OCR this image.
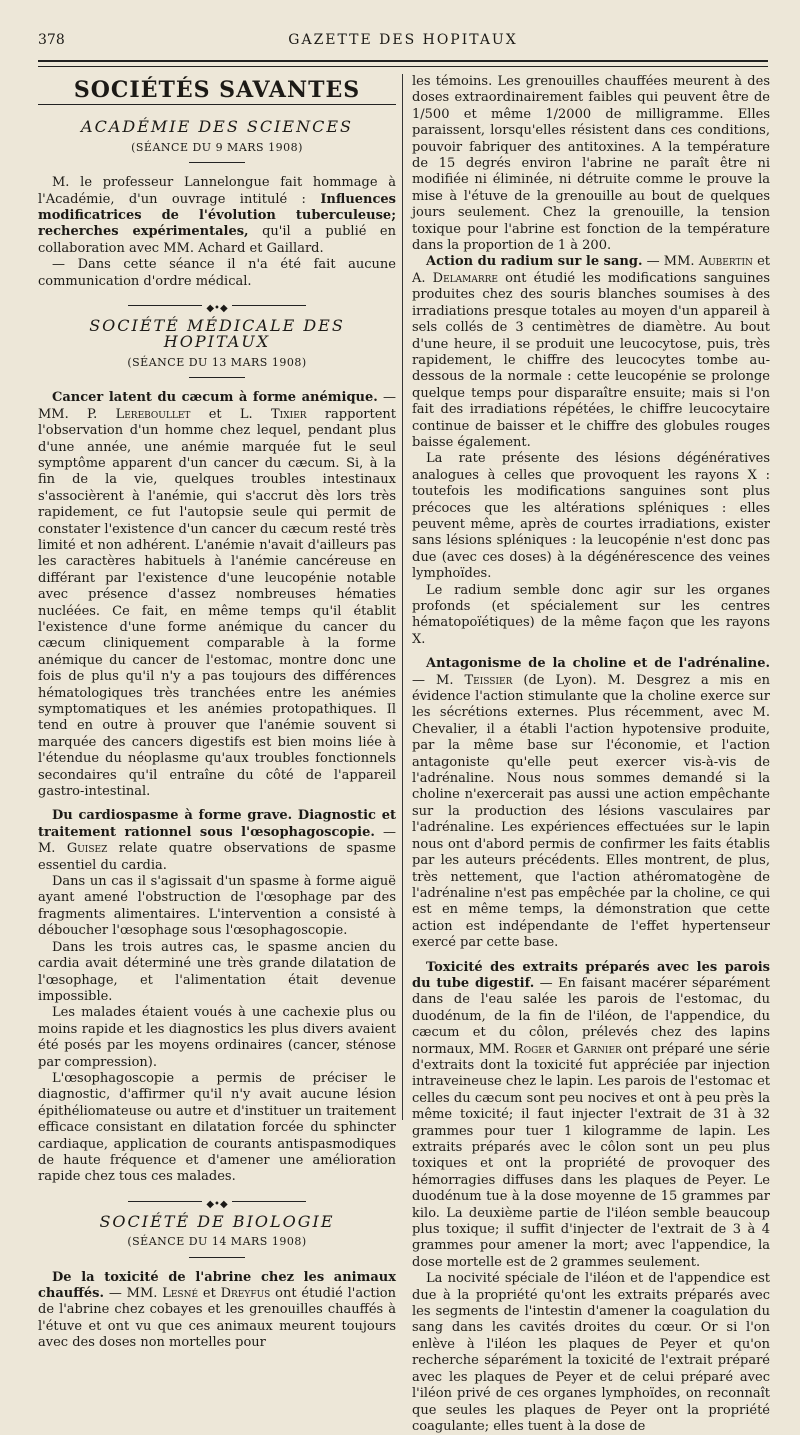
378	GAZETTE DES HOPITAUX
SOCIÉTÉS SAVANTES
ACADÉMIE DES SCIENCES
(SÉANCE DU 9 MARS 1908)

M. le professeur Lannelongue fait hommage à l'Académie, d'un ouvrage intitulé : Influences modificatrices de l'évolution tuberculeuse; recherches expérimentales, qu'il a publié en collaboration avec MM. Achard et Gaillard.

— Dans cette séance il n'a été fait aucune communication d'ordre médical.

◆•◆
SOCIÉTÉ MÉDICALE DES HOPITAUX
(SÉANCE DU 13 MARS 1908)

Cancer latent du cæcum à forme anémique. — MM. P. Lereboullet et L. Tixier rapportent l'observation d'un homme chez lequel, pendant plus d'une année, une anémie marquée fut le seul symptôme apparent d'un cancer du cæcum. Si, à la fin de la vie, quelques troubles intestinaux s'associèrent à l'anémie, qui s'accrut dès lors très rapidement, ce fut l'autopsie seule qui permit de constater l'existence d'un cancer du cæcum resté très limité et non adhérent. L'anémie n'avait d'ailleurs pas les caractères habituels à l'anémie cancéreuse en différant par l'existence d'une leucopénie notable avec présence d'assez nombreuses hématies nucléées. Ce fait, en même temps qu'il établit l'existence d'une forme anémique du cancer du cæcum cliniquement comparable à la forme anémique du cancer de l'estomac, montre donc une fois de plus qu'il n'y a pas toujours des différences hématologiques très tranchées entre les anémies symptomatiques et les anémies protopathiques. Il tend en outre à prouver que l'anémie souvent si marquée des cancers digestifs est bien moins liée à l'étendue du néoplasme qu'aux troubles fonctionnels secondaires qu'il entraîne du côté de l'appareil gastro-intestinal.

Du cardiospasme à forme grave. Diagnostic et traitement rationnel sous l'œsophagoscopie. — M. Guisez relate quatre observations de spasme essentiel du cardia.

Dans un cas il s'agissait d'un spasme à forme aiguë ayant amené l'obstruction de l'œsophage par des fragments alimentaires. L'intervention a consisté à déboucher l'œsophage sous l'œsophagoscopie.

Dans les trois autres cas, le spasme ancien du cardia avait déterminé une très grande dilatation de l'œsophage, et l'alimentation était devenue impossible.

Les malades étaient voués à une cachexie plus ou moins rapide et les diagnostics les plus divers avaient été posés par les moyens ordinaires (cancer, sténose par compression).

L'œsophagoscopie a permis de préciser le diagnostic, d'affirmer qu'il n'y avait aucune lésion épithéliomateuse ou autre et d'instituer un traitement efficace consistant en dilatation forcée du sphincter cardiaque, application de courants antispasmodiques de haute fréquence et d'amener une amélioration rapide chez tous ces malades.

◆•◆
SOCIÉTÉ DE BIOLOGIE
(SÉANCE DU 14 MARS 1908)

De la toxicité de l'abrine chez les animaux chauffés. — MM. Lesné et Dreyfus ont étudié l'action de l'abrine chez cobayes et les grenouilles chauffés à l'étuve et ont vu que ces animaux meurent toujours avec des doses non mortelles pour

les témoins. Les grenouilles chauffées meurent à des doses extraordinairement faibles qui peuvent être de 1/500 et même 1/2000 de milligramme. Elles paraissent, lorsqu'elles résistent dans ces conditions, pouvoir fabriquer des antitoxines. A la température de 15 degrés environ l'abrine ne paraît être ni modifiée ni éliminée, ni détruite comme le prouve la mise à l'étuve de la grenouille au bout de quelques jours seulement. Chez la grenouille, la tension toxique pour l'abrine est fonction de la température dans la proportion de 1 à 200.

Action du radium sur le sang. — MM. Aubertin et A. Delamarre ont étudié les modifications sanguines produites chez des souris blanches soumises à des irradiations presque totales au moyen d'un appareil à sels collés de 3 centimètres de diamètre. Au bout d'une heure, il se produit une leucocytose, puis, très rapidement, le chiffre des leucocytes tombe au-dessous de la normale : cette leucopénie se prolonge quelque temps pour disparaître ensuite; mais si l'on fait des irradiations répétées, le chiffre leucocytaire continue de baisser et le chiffre des globules rouges baisse également.

La rate présente des lésions dégénératives analogues à celles que provoquent les rayons X : toutefois les modifications sanguines sont plus précoces que les altérations spléniques : elles peuvent même, après de courtes irradiations, exister sans lésions spléniques : la leucopénie n'est donc pas due (avec ces doses) à la dégénérescence des veines lymphoïdes.

Le radium semble donc agir sur les organes profonds (et spécialement sur les centres hématopoïétiques) de la même façon que les rayons X.

Antagonisme de la choline et de l'adrénaline. — M. Teissier (de Lyon). M. Desgrez a mis en évidence l'action stimulante que la choline exerce sur les sécrétions externes. Plus récemment, avec M. Chevalier, il a établi l'action hypotensive produite, par la même base sur l'économie, et l'action antagoniste qu'elle peut exercer vis-à-vis de l'adrénaline. Nous nous sommes demandé si la choline n'exercerait pas aussi une action empêchante sur la production des lésions vasculaires par l'adrénaline. Les expériences effectuées sur le lapin nous ont d'abord permis de confirmer les faits établis par les auteurs précédents. Elles montrent, de plus, très nettement, que l'action athéromatogène de l'adrénaline n'est pas empêchée par la choline, ce qui est en même temps, la démonstration que cette action est indépendante de l'effet hypertenseur exercé par cette base.

Toxicité des extraits préparés avec les parois du tube digestif. — En faisant macérer séparément dans de l'eau salée les parois de l'estomac, du duodénum, de la fin de l'iléon, de l'appendice, du cæcum et du côlon, prélevés chez des lapins normaux, MM. Roger et Garnier ont préparé une série d'extraits dont la toxicité fut appréciée par injection intraveineuse chez le lapin. Les parois de l'estomac et celles du cæcum sont peu nocives et ont à peu près la même toxicité; il faut injecter l'extrait de 31 à 32 grammes pour tuer 1 kilogramme de lapin. Les extraits préparés avec le côlon sont un peu plus toxiques et ont la propriété de provoquer des hémorragies diffuses dans les plaques de Peyer. Le duodénum tue à la dose moyenne de 15 grammes par kilo. La deuxième partie de l'iléon semble beaucoup plus toxique; il suffit d'injecter de l'extrait de 3 à 4 grammes pour amener la mort; avec l'appendice, la dose mortelle est de 2 grammes seulement.

La nocivité spéciale de l'iléon et de l'appendice est due à la propriété qu'ont les extraits préparés avec les segments de l'intestin d'amener la coagulation du sang dans les cavités droites du cœur. Or si l'on enlève à l'iléon les plaques de Peyer et qu'on recherche séparément la toxicité de l'extrait préparé avec les plaques de Peyer et de celui préparé avec l'iléon privé de ces organes lymphoïdes, on reconnaît que seules les plaques de Peyer ont la propriété coagulante; elles tuent à la dose de
